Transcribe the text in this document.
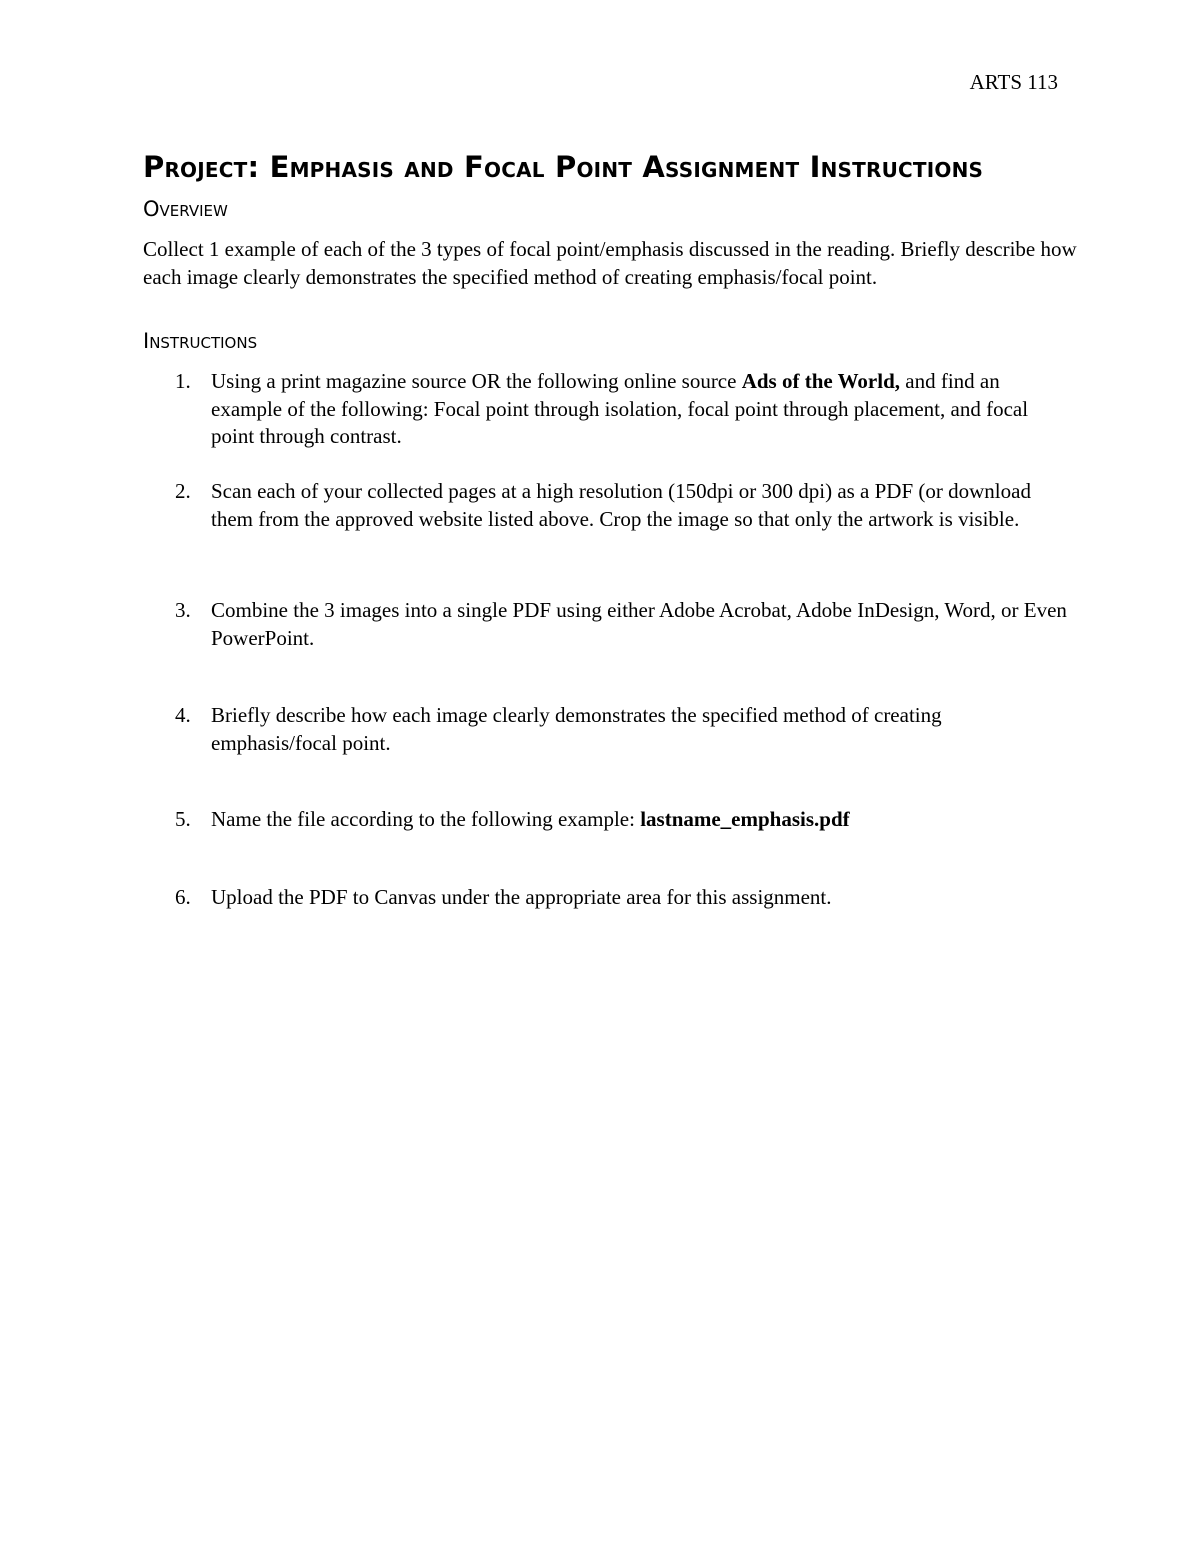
ARTS 113
Project: Emphasis and Focal Point Assignment Instructions
Overview

Collect 1 example of each of the 3 types of focal point/emphasis discussed in the reading. Briefly describe how each image clearly demonstrates the specified method of creating emphasis/focal point.

Instructions
1. Using a print magazine source OR the following online source Ads of the World, and find an example of the following: Focal point through isolation, focal point through placement, and focal point through contrast.
2. Scan each of your collected pages at a high resolution (150dpi or 300 dpi) as a PDF (or download them from the approved website listed above. Crop the image so that only the artwork is visible.
3. Combine the 3 images into a single PDF using either Adobe Acrobat, Adobe InDesign, Word, or Even PowerPoint.
4. Briefly describe how each image clearly demonstrates the specified method of creating emphasis/focal point.
5. Name the file according to the following example: lastname_emphasis.pdf
6. Upload the PDF to Canvas under the appropriate area for this assignment.
